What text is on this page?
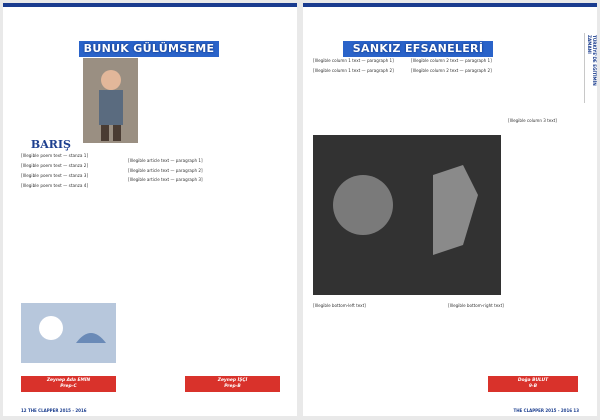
BUNUK GÜLÜMSEME
BARIŞ

[Illegible poem text — stanza 1]

[Illegible poem text — stanza 2]

[Illegible poem text — stanza 3]

[Illegible poem text — stanza 4]

[Illegible article text — paragraph 1]

[Illegible article text — paragraph 2]

[Illegible article text — paragraph 3]

Zeynep Ada EMİN
Prep-C
Zeynep İŞÇİ
Prep-B
12 THE CLAPPER 2015 - 2016
SANKIZ EFSANELERİ	TÜRKİYE'DE EĞİTİMİN ZAMANI

[Illegible column 1 text — paragraph 1]

[Illegible column 1 text — paragraph 2]

[Illegible column 2 text — paragraph 1]

[Illegible column 2 text — paragraph 2]

[Illegible column 3 text]

[Illegible bottom-left text]	[Illegible bottom-right text]

Doğa BULUT
9-B
THE CLAPPER 2015 - 2016 13
